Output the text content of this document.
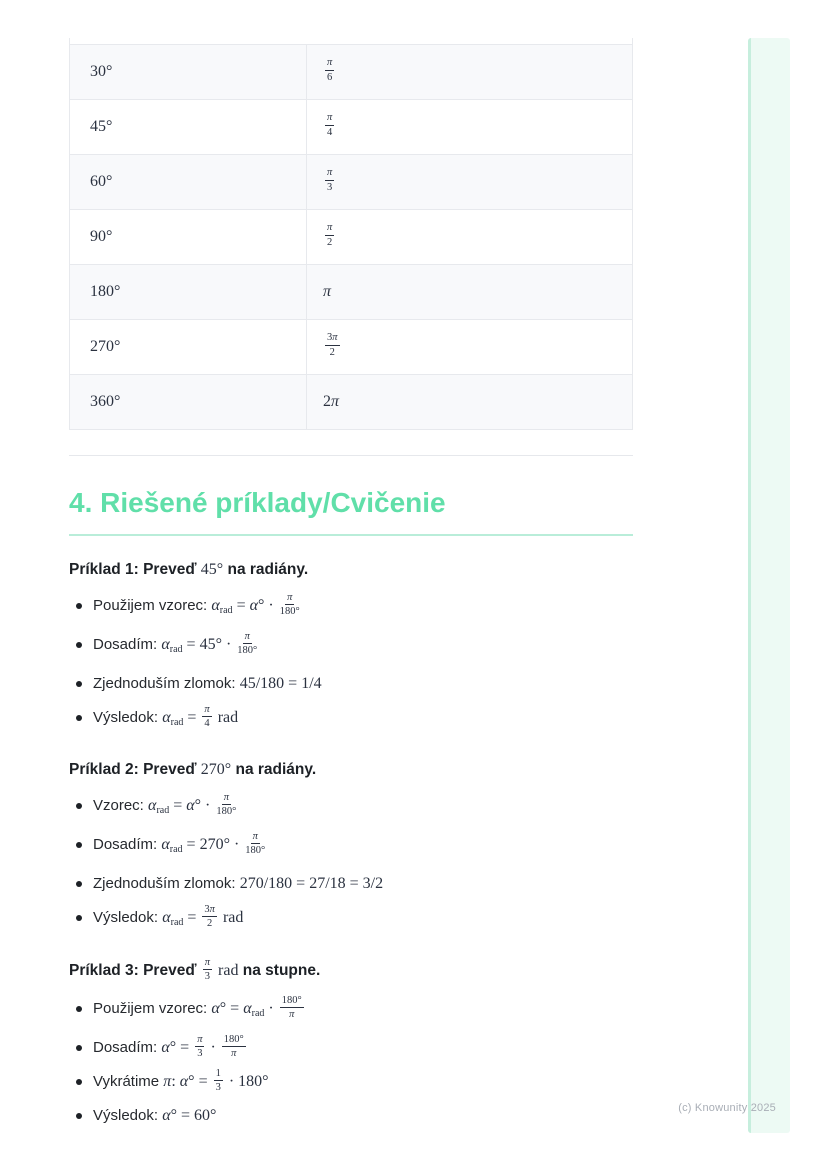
30°	$\frac{\pi}{6}$
45°	$\frac{\pi}{4}$
60°	$\frac{\pi}{3}$
90°	$\frac{\pi}{2}$
180°	π
270°	$\frac{3\pi}{2}$
360°	2 π
4. Riešené príklady/Cvičenie

Príklad 1: Preveď 45° na radiány.

Použijem vzorec: $\alpha_{rad} = \alpha^\circ \cdot \frac{\pi}{180^\circ}$
Dosadím: $\alpha_{rad} = 45^\circ \cdot \frac{\pi}{180^\circ}$
Zjednoduším zlomok: 45/180 = 1/4
Výsledok: $\alpha_{rad} = \frac{\pi}{4}$ rad

Príklad 2: Preveď 270° na radiány.

Vzorec: $\alpha_{rad} = \alpha^\circ \cdot \frac{\pi}{180^\circ}$
Dosadím: $\alpha_{rad} = 270^\circ \cdot \frac{\pi}{180^\circ}$
Zjednoduším zlomok: 270/180 = 27/18 = 3/2
Výsledok: $\alpha_{rad} = \frac{3\pi}{2}$ rad

Príklad 3: Preveď $\frac{\pi}{3}$ rad na stupne.

Použijem vzorec: $\alpha^\circ = \alpha_{rad} \cdot \frac{180^\circ}{\pi}$
Dosadím: $\alpha^\circ = \frac{\pi}{3} \cdot \frac{180^\circ}{\pi}$
Vykrátime π: $\alpha^\circ = \frac{1}{3} \cdot 180^\circ$
Výsledok: α° = 60°	(c) Knowunity 2025
